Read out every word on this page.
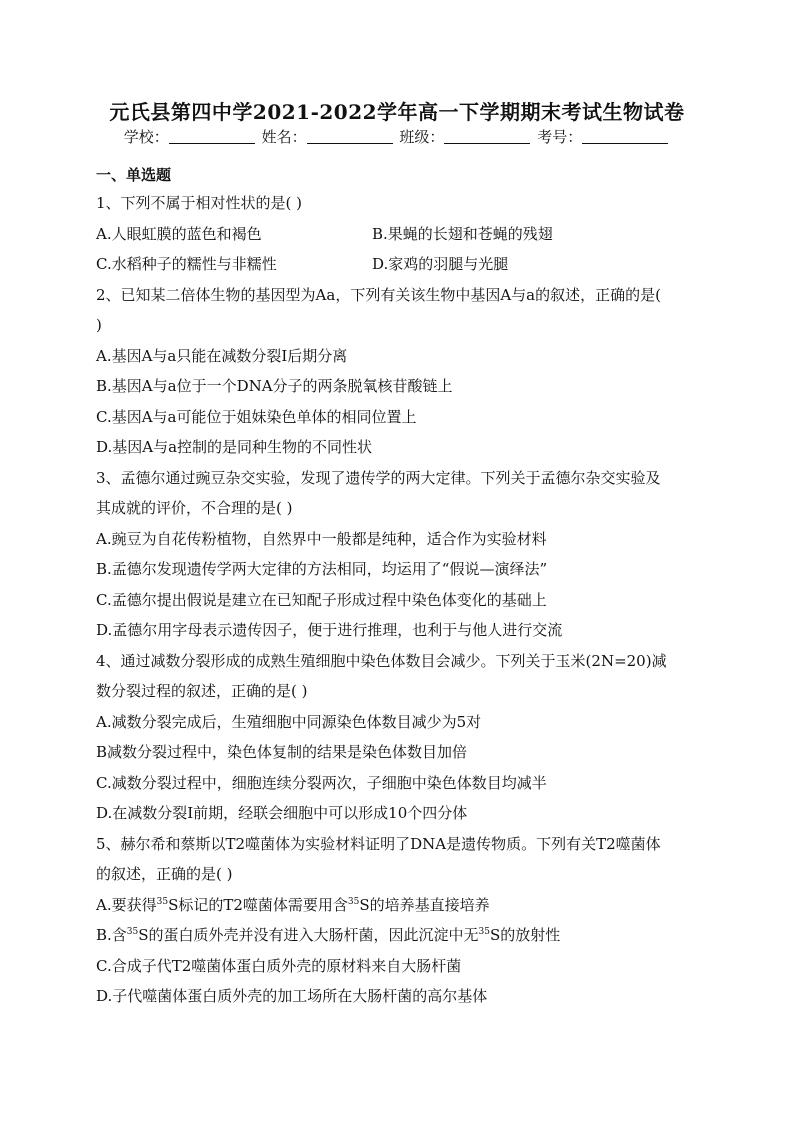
元氏县第四中学2021-2022学年高一下学期期末考试生物试卷
学校：	姓名：	班级：	考号：
一、单选题
1、下列不属于相对性状的是( )
A.人眼虹膜的蓝色和褐色	B.果蝇的长翅和苍蝇的残翅
C.水稻种子的糯性与非糯性	D.家鸡的羽腿与光腿
2、已知某二倍体生物的基因型为Aa，下列有关该生物中基因A与a的叙述，正确的是(
)
A.基因A与a只能在减数分裂I后期分离
B.基因A与a位于一个DNA分子的两条脱氧核苷酸链上
C.基因A与a可能位于姐妹染色单体的相同位置上
D.基因A与a控制的是同种生物的不同性状
3、孟德尔通过豌豆杂交实验，发现了遗传学的两大定律。下列关于孟德尔杂交实验及
其成就的评价，不合理的是( )
A.豌豆为自花传粉植物，自然界中一般都是纯种，适合作为实验材料
B.孟德尔发现遗传学两大定律的方法相同，均运用了“假说—演绎法”
C.孟德尔提出假说是建立在已知配子形成过程中染色体变化的基础上
D.孟德尔用字母表示遗传因子，便于进行推理，也利于与他人进行交流
4、通过减数分裂形成的成熟生殖细胞中染色体数目会减少。下列关于玉米(2N=20)减
数分裂过程的叙述，正确的是( )
A.减数分裂完成后，生殖细胞中同源染色体数目减少为5对
B减数分裂过程中，染色体复制的结果是染色体数目加倍
C.减数分裂过程中，细胞连续分裂两次，子细胞中染色体数目均减半
D.在减数分裂I前期，经联会细胞中可以形成10个四分体
5、赫尔希和蔡斯以T2噬菌体为实验材料证明了DNA是遗传物质。下列有关T2噬菌体
的叙述，正确的是( )
A.要获得$^{35}$S标记的T2噬菌体需要用含$^{35}$S的培养基直接培养
B.含$^{35}$S的蛋白质外壳并没有进入大肠杆菌，因此沉淀中无$^{35}$S的放射性
C.合成子代T2噬菌体蛋白质外壳的原材料来自大肠杆菌
D.子代噬菌体蛋白质外壳的加工场所在大肠杆菌的高尔基体
